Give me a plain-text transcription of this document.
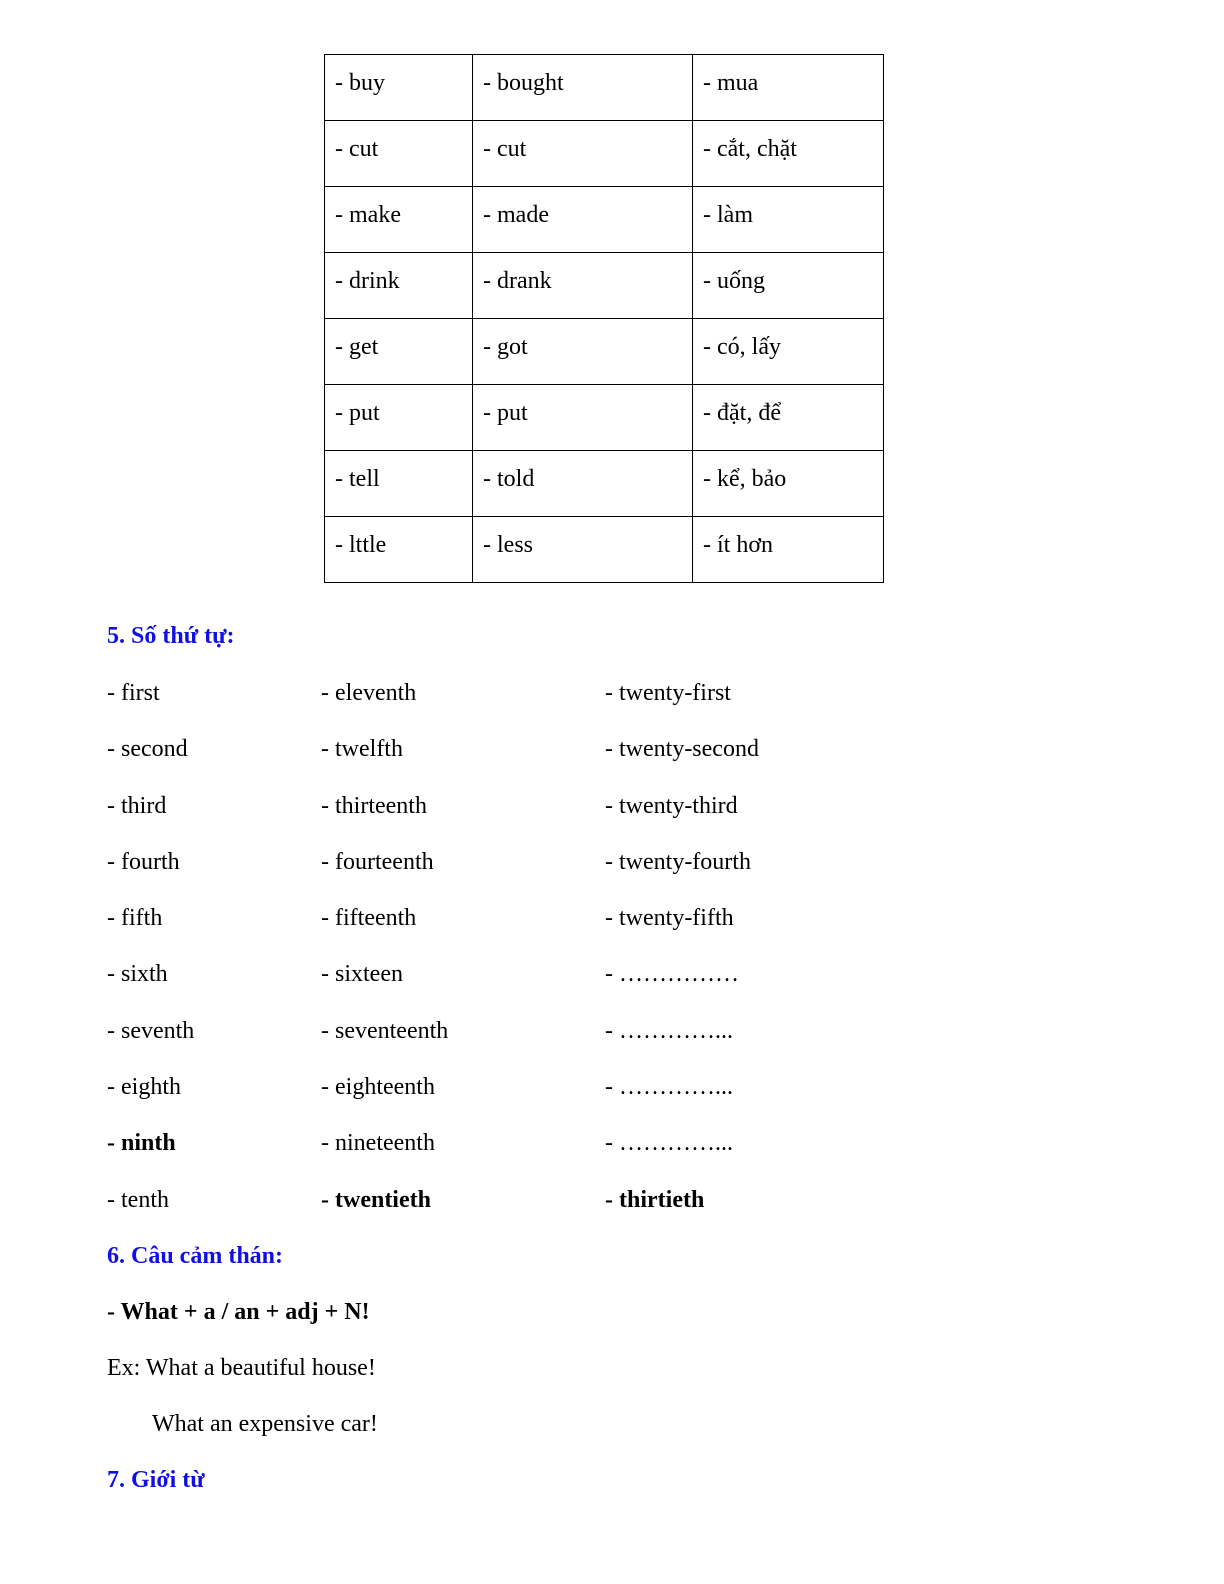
- buy	- bought	- mua

- cut	- cut	- cắt, chặt

- make	- made	- làm

- drink	- drank	- uống

- get	- got	- có, lấy

- put	- put	- đặt, để

- tell	- told	- kể, bảo

- lttle	- less	- ít hơn
5. Số thứ tự:
- first	- eleventh	- twenty-first
- second	- twelfth	- twenty-second
- third	- thirteenth	- twenty-third
- fourth	- fourteenth	- twenty-fourth
- fifth	- fifteenth	- twenty-fifth
- sixth	- sixteen	- ……………
- seventh	- seventeenth	- …………...
- eighth	- eighteenth	- …………...
- ninth	- nineteenth	- …………...
- tenth	- twentieth	- thirtieth
6. Câu cảm thán:
- What + a / an + adj + N!
Ex: What a beautiful house!
What an expensive car!
7. Giới từ
